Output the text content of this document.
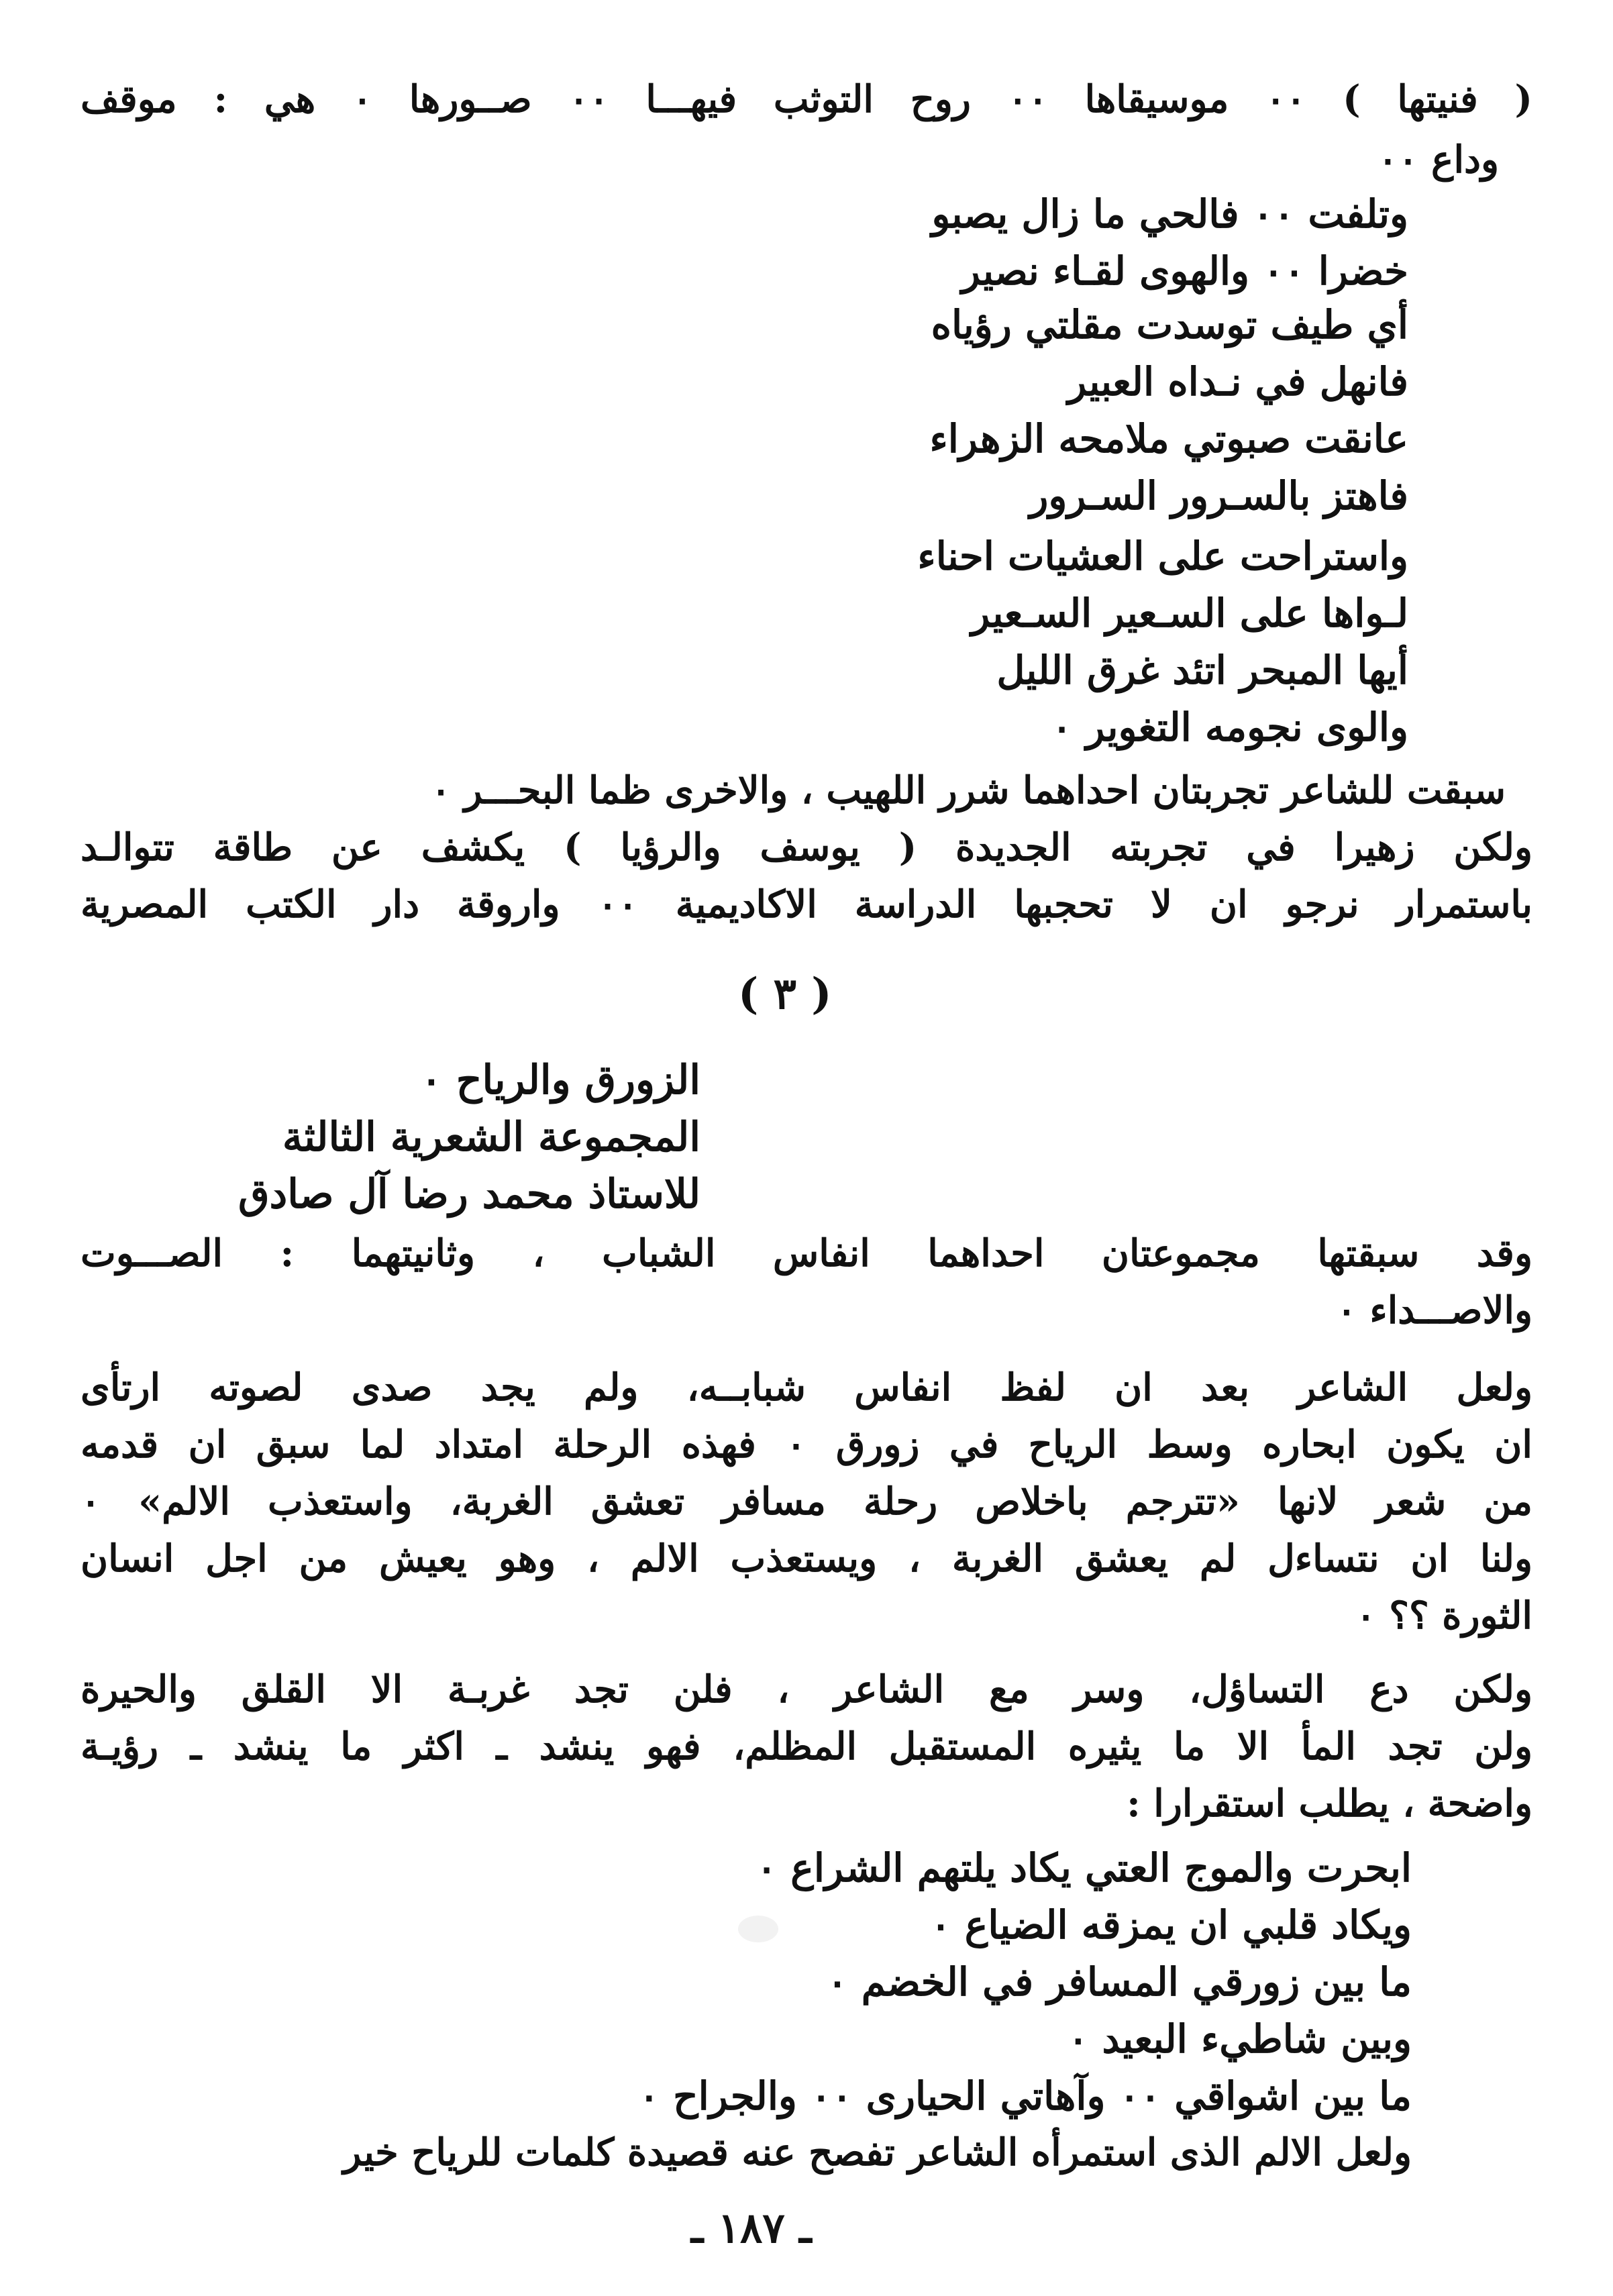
( فنيتها ) ٠٠ موسيقاها ٠٠ روح التوثب فيهـــا ٠٠ صــورها ٠ هي : موقف
وداع ٠٠
وتلفت ٠٠ فالحي ما زال يصبو
خضرا ٠٠ والهوى لقـاء نصير
أي طيف توسدت مقلتي رؤياه
فانهل في نـداه العبير
عانقت صبوتي ملامحه الزهراء
فاهتز بالسـرور السـرور
واستراحت على العشيات احناء
لـواها على السـعير السـعير
أيها المبحر اتئد غرق الليل
والوى نجومه التغوير ٠
سبقت للشاعر تجربتان احداهما شرر اللهيب ، والاخرى ظما البحـــر ٠
ولكن زهيرا في تجربته الجديدة ( يوسف والرؤيا ) يكشف عن طاقة تتوالـد
باستمرار نرجو ان لا تحجبها الدراسة الاكاديمية ٠٠ واروقة دار الكتب المصرية
( ٣ )
الزورق والرياح ٠
المجموعة الشعرية الثالثة
للاستاذ محمد رضا آل صادق
وقد سبقتها مجموعتان احداهما انفاس الشباب ، وثانيتهما : الصـــوت
والاصـــداء ٠
ولعل الشاعر بعد ان لفظ انفاس شبابــه، ولم يجد صدى لصوته ارتأى
ان يكون ابحاره وسط الرياح في زورق ٠ فهذه الرحلة امتداد لما سبق ان قدمه
من شعر لانها «تترجم باخلاص رحلة مسافر تعشق الغربة، واستعذب الالم» ٠
ولنا ان نتساءل لم يعشق الغربة ، ويستعذب الالم ، وهو يعيش من اجل انسان
الثورة ؟؟ ٠
ولكن دع التساؤل، وسر مع الشاعر ، فلن تجد غربـة الا القلق والحيرة
ولن تجد المأ الا ما يثيره المستقبل المظلم، فهو ينشد ـ اكثر ما ينشد ـ رؤيـة
واضحة ، يطلب استقرارا :
ابحرت والموج العتي يكاد يلتهم الشراع ٠
ويكاد قلبي ان يمزقه الضياع ٠
ما بين زورقي المسافر في الخضم ٠
وبين شاطيء البعيد ٠
ما بين اشواقي ٠٠ وآهاتي الحيارى ٠٠ والجراح ٠
ولعل الالم الذى استمرأه الشاعر تفصح عنه قصيدة كلمات للرياح خير
ـ ١٨٧ ـ
